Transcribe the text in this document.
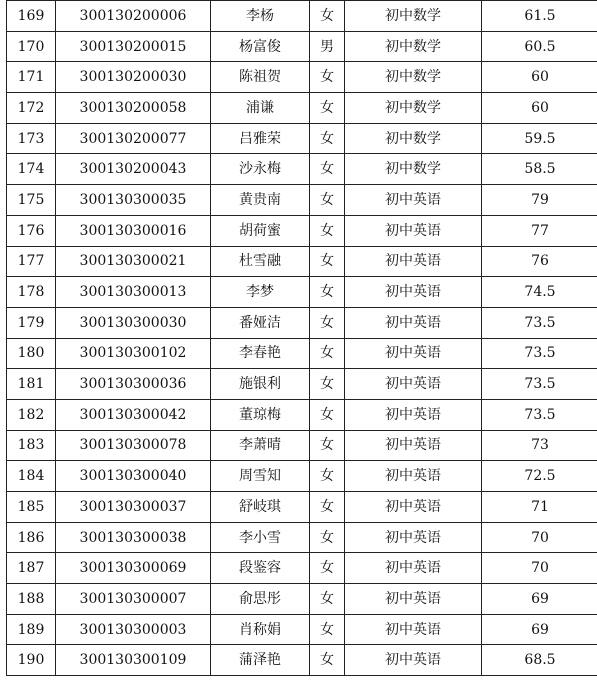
169	300130200006	李杨	女	初中数学	61.5
170	300130200015	杨富俊	男	初中数学	60.5
171	300130200030	陈祖贺	女	初中数学	60
172	300130200058	浦谦	女	初中数学	60
173	300130200077	吕雅荣	女	初中数学	59.5
174	300130200043	沙永梅	女	初中数学	58.5
175	300130300035	黄贵南	女	初中英语	79
176	300130300016	胡荷蜜	女	初中英语	77
177	300130300021	杜雪融	女	初中英语	76
178	300130300013	李梦	女	初中英语	74.5
179	300130300030	番娅洁	女	初中英语	73.5
180	300130300102	李春艳	女	初中英语	73.5
181	300130300036	施银利	女	初中英语	73.5
182	300130300042	董琼梅	女	初中英语	73.5
183	300130300078	李萧晴	女	初中英语	73
184	300130300040	周雪知	女	初中英语	72.5
185	300130300037	舒岐琪	女	初中英语	71
186	300130300038	李小雪	女	初中英语	70
187	300130300069	段鉴容	女	初中英语	70
188	300130300007	俞思彤	女	初中英语	69
189	300130300003	肖称娟	女	初中英语	69
190	300130300109	蒲泽艳	女	初中英语	68.5
